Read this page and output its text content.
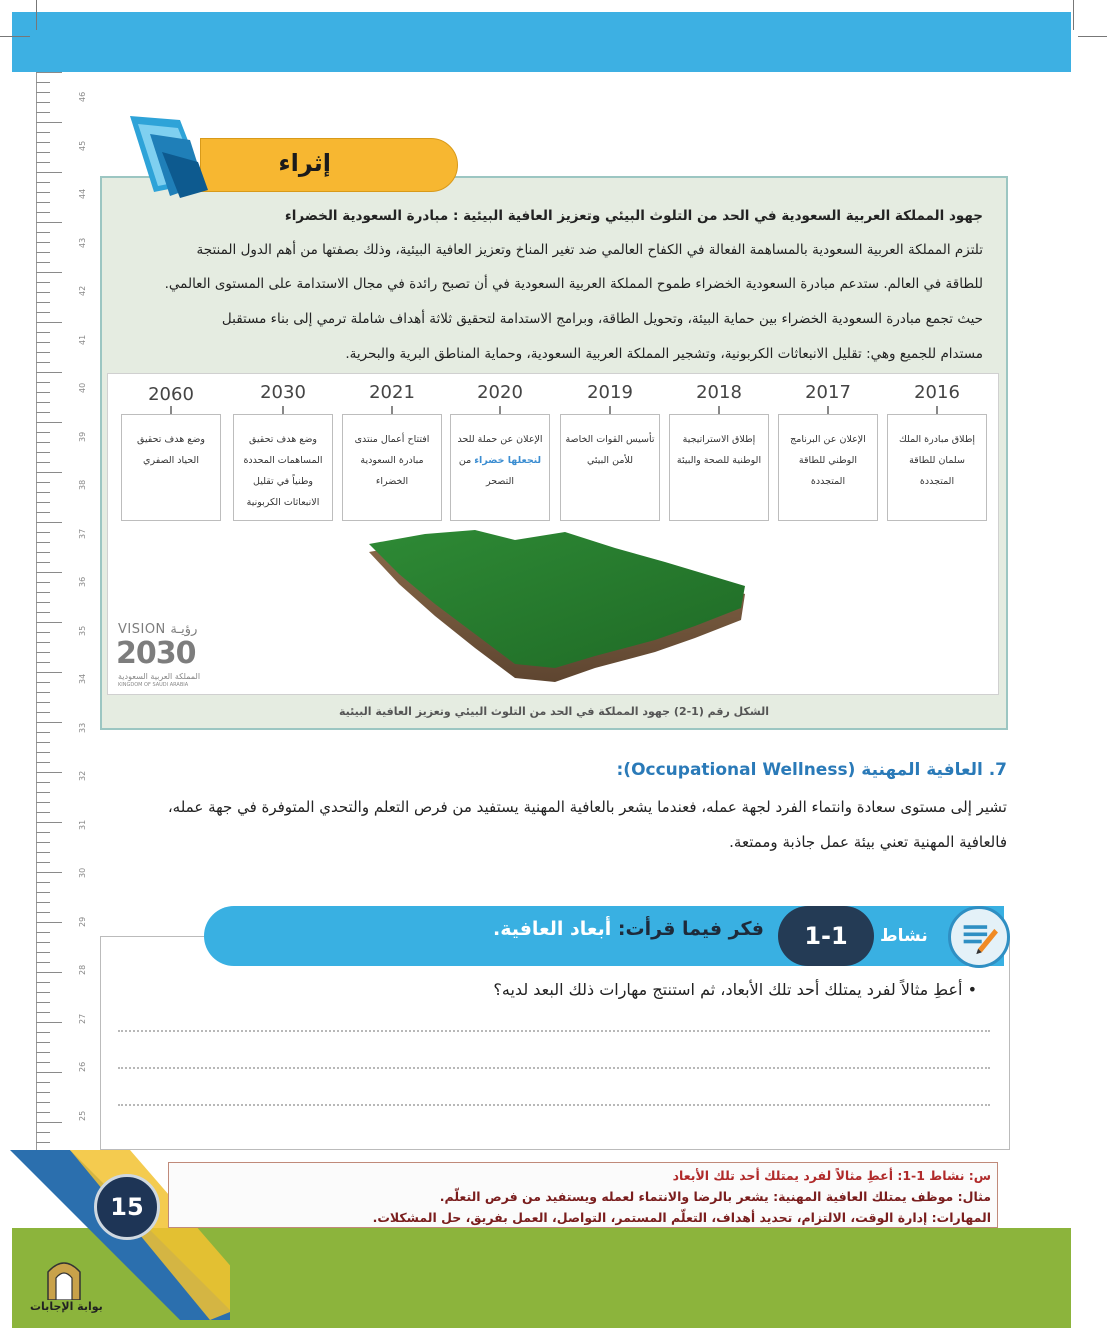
46
45
44
43
42
41
40
39
38
37
36
35
34
33
32
31
30
29
28
27
26
25
إثراء
جهود المملكة العربية السعودية في الحد من التلوث البيئي وتعزيز العافية البيئية : مبادرة السعودية الخضراء
تلتزم المملكة العربية السعودية بالمساهمة الفعالة في الكفاح العالمي ضد تغير المناخ وتعزيز العافية البيئية، وذلك بصفتها من أهم الدول المنتجة
للطاقة في العالم. ستدعم مبادرة السعودية الخضراء طموح المملكة العربية السعودية في أن تصبح رائدة في مجال الاستدامة على المستوى العالمي.
حيث تجمع مبادرة السعودية الخضراء بين حماية البيئة، وتحويل الطاقة، وبرامج الاستدامة لتحقيق ثلاثة أهداف شاملة ترمي إلى بناء مستقبل
مستدام للجميع وهي: تقليل الانبعاثات الكربونية، وتشجير المملكة العربية السعودية، وحماية المناطق البرية والبحرية.
2016
إطلاق مبادرة الملك سلمان للطاقة المتجددة
2017
الإعلان عن البرنامج الوطني للطاقة المتجددة
2018
إطلاق الاستراتيجية الوطنية للصحة والبيئة
2019
تأسيس القوات الخاصة للأمن البيئي
2020
الإعلان عن حملة للحد لنجعلها خضراء من التصحر
2021
افتتاح أعمال منتدى مبادرة السعودية الخضراء
2030
وضع هدف تحقيق المساهمات المحددة وطنياً في تقليل الانبعاثات الكربونية
2060
وضع هدف تحقيق الحياد الصفري
VISION رؤيـة
2030
المملكة العربية السعودية
KINGDOM OF SAUDI ARABIA
الشكل رقم (1-2) جهود المملكة في الحد من التلوث البيئي وتعزيز العافية البيئية
7. العافية المهنية (Occupational Wellness):
تشير إلى مستوى سعادة وانتماء الفرد لجهة عمله، فعندما يشعر بالعافية المهنية يستفيد من فرص التعلم والتحدي المتوفرة في جهة عمله،
فالعافية المهنية تعني بيئة عمل جاذبة وممتعة.
فكر فيما قرأت: أبعاد العافية.	1-1	نشاط
• أعطِ مثالاً لفرد يمتلك أحد تلك الأبعاد، ثم استنتج مهارات ذلك البعد لديه؟

س: نشاط 1-1: أعطِ مثالاً لفرد يمتلك أحد تلك الأبعاد

مثال: موظف يمتلك العافية المهنية: يشعر بالرضا والانتماء لعمله ويستفيد من فرص التعلّم.

المهارات: إدارة الوقت، الالتزام، تحديد أهداف، التعلّم المستمر، التواصل، العمل بفريق، حل المشكلات.

15
بوابة الإجابات
